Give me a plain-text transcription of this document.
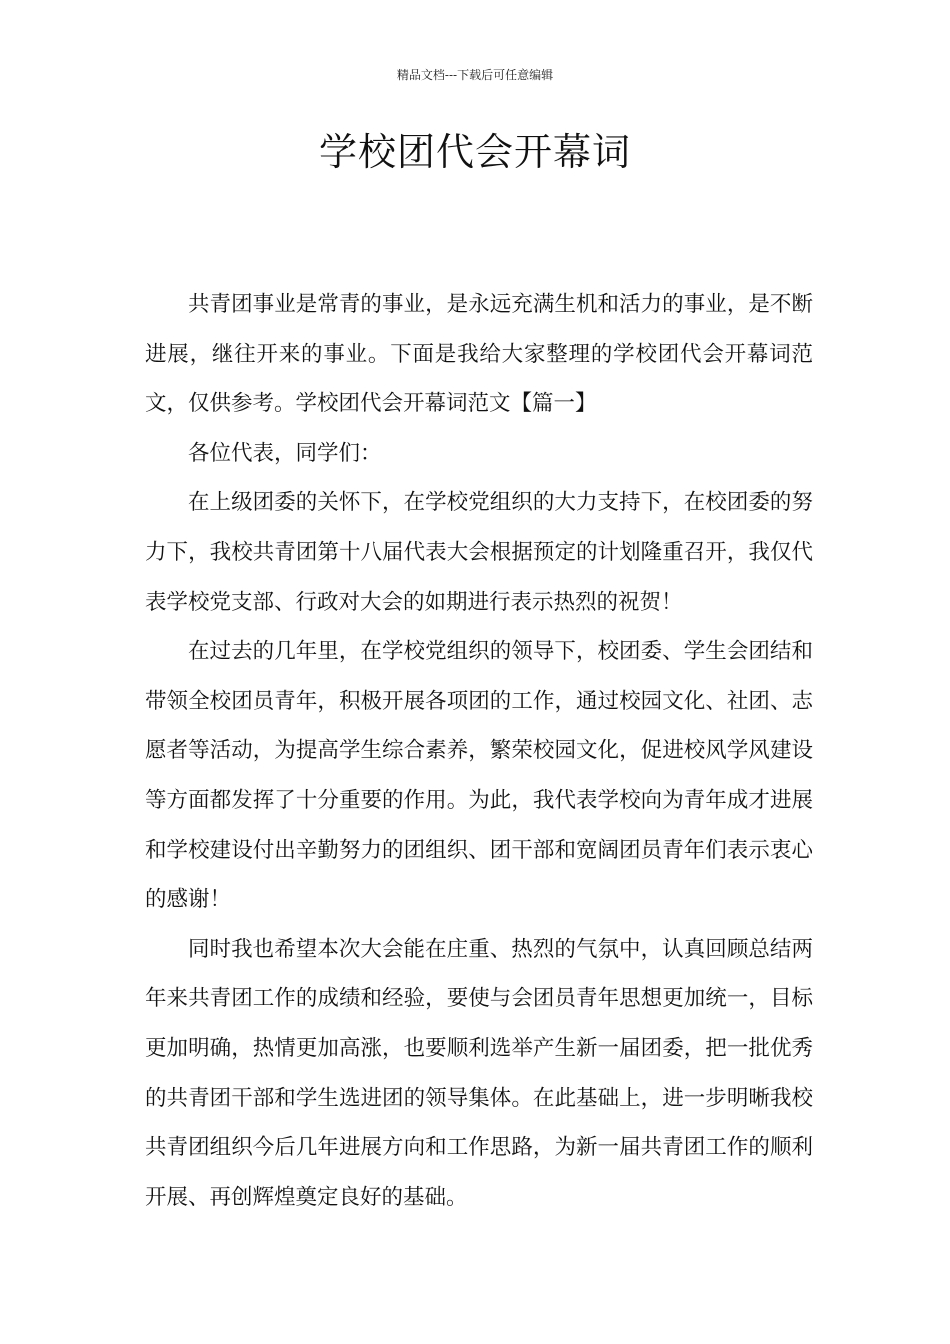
精品文档---下载后可任意编辑
学校团代会开幕词

共青团事业是常青的事业，是永远充满生机和活力的事业，是不断进展，继往开来的事业。下面是我给大家整理的学校团代会开幕词范文，仅供参考。学校团代会开幕词范文【篇一】

各位代表，同学们：

在上级团委的关怀下，在学校党组织的大力支持下，在校团委的努力下，我校共青团第十八届代表大会根据预定的计划隆重召开，我仅代表学校党支部、行政对大会的如期进行表示热烈的祝贺！

在过去的几年里，在学校党组织的领导下，校团委、学生会团结和带领全校团员青年，积极开展各项团的工作，通过校园文化、社团、志愿者等活动，为提高学生综合素养，繁荣校园文化，促进校风学风建设等方面都发挥了十分重要的作用。为此，我代表学校向为青年成才进展和学校建设付出辛勤努力的团组织、团干部和宽阔团员青年们表示衷心的感谢！

同时我也希望本次大会能在庄重、热烈的气氛中，认真回顾总结两年来共青团工作的成绩和经验，要使与会团员青年思想更加统一，目标更加明确，热情更加高涨，也要顺利选举产生新一届团委，把一批优秀的共青团干部和学生选进团的领导集体。在此基础上，进一步明晰我校共青团组织今后几年进展方向和工作思路，为新一届共青团工作的顺利开展、再创辉煌奠定良好的基础。
